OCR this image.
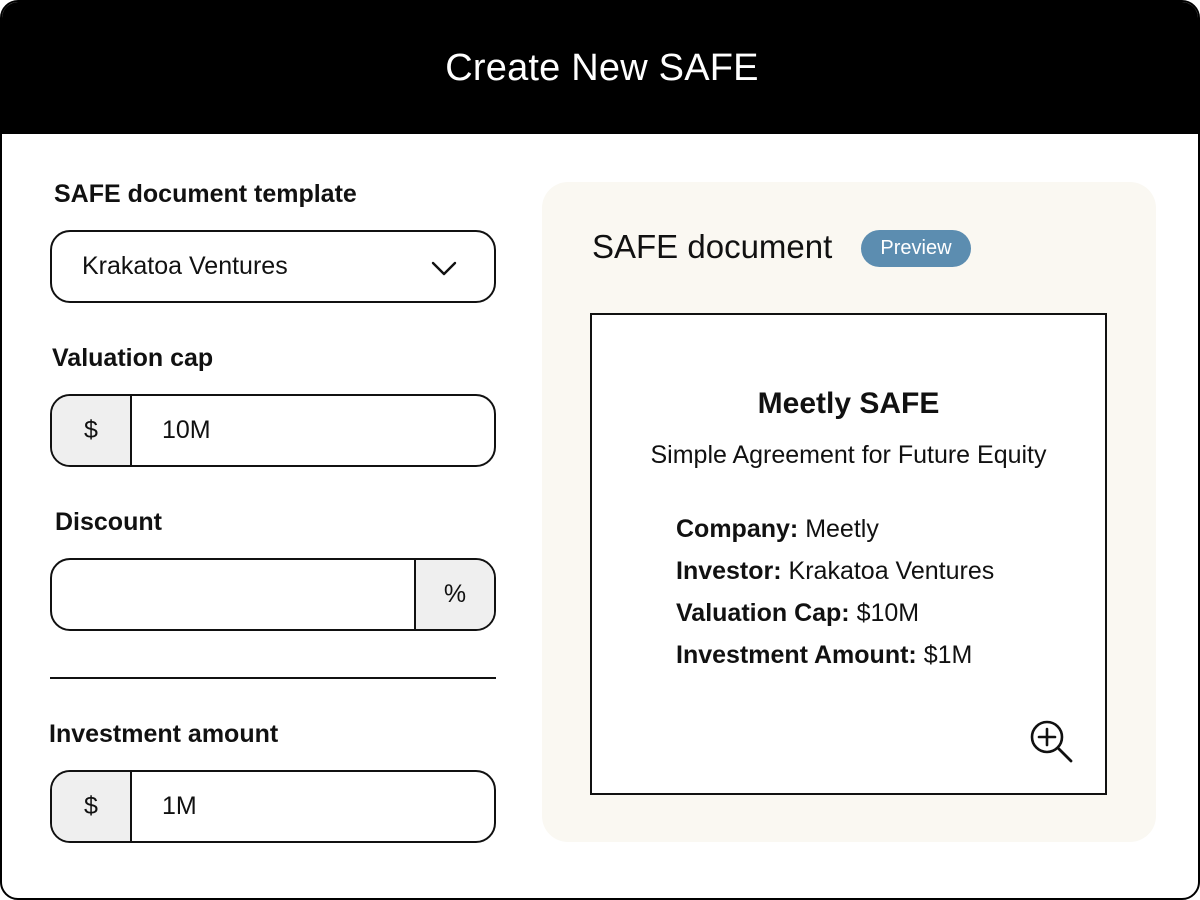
Create New SAFE
SAFE document template
Krakatoa Ventures
Valuation cap
$
10M
Discount
%
Investment amount
$
1M
SAFE document	Preview
Meetly SAFE
Simple Agreement for Future Equity
Company: Meetly
Investor: Krakatoa Ventures
Valuation Cap: $10M
Investment Amount: $1M
